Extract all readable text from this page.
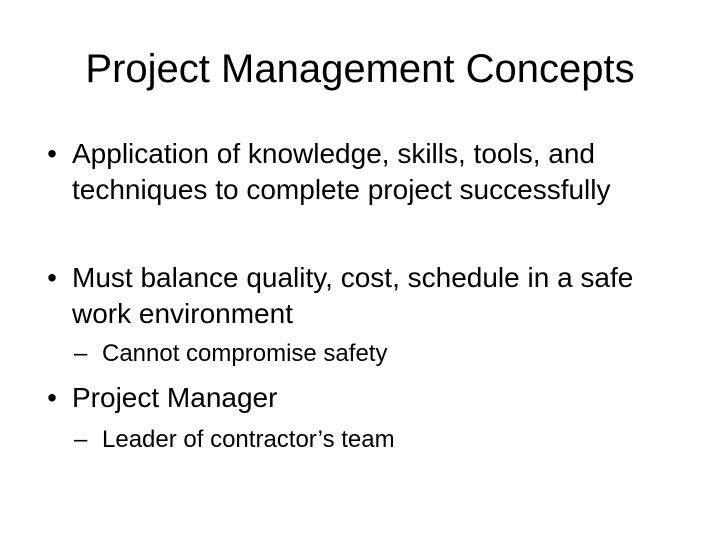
Project Management Concepts
• Application of knowledge, skills, tools, and techniques to complete project successfully
• Must balance quality, cost, schedule in a safe work environment
– Cannot compromise safety
• Project Manager
– Leader of contractor’s team
